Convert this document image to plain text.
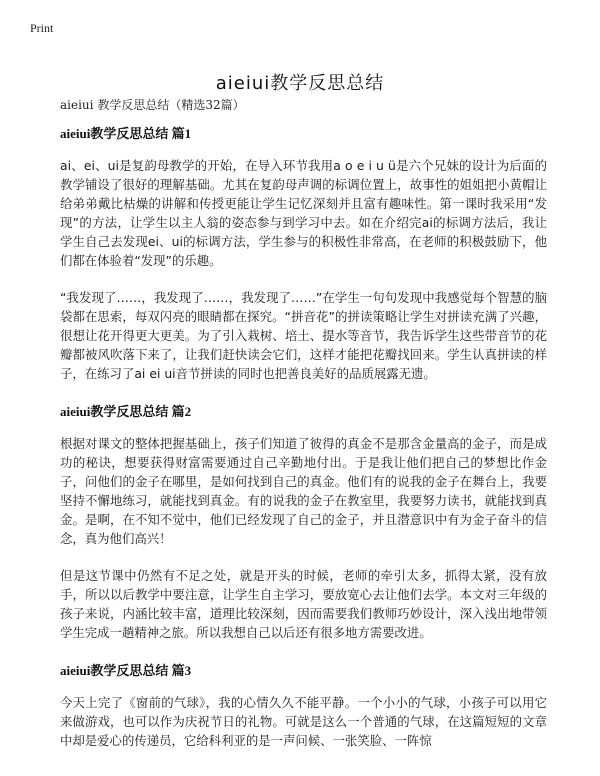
Print
aieiui教学反思总结
aieiui 教学反思总结（精选32篇）
aieiui教学反思总结 篇1

ai、ei、ui是复韵母教学的开始，在导入环节我用a o e i u ü是六个兄妹的设计为后面的教学铺设了很好的理解基础。尤其在复韵母声调的标调位置上，故事性的姐姐把小黄帽让给弟弟戴比枯燥的讲解和传授更能让学生记忆深刻并且富有趣味性。第一课时我采用“发现”的方法，让学生以主人翁的姿态参与到学习中去。如在介绍完ai的标调方法后，我让学生自己去发现ei、ui的标调方法，学生参与的积极性非常高，在老师的积极鼓励下，他们都在体验着“发现”的乐趣。

“我发现了……，我发现了……，我发现了……”在学生一句句发现中我感觉每个智慧的脑袋都在思索，每双闪亮的眼睛都在探究。“拼音花”的拼读策略让学生对拼读充满了兴趣，很想让花开得更大更美。为了引入栽树、培土、提水等音节，我告诉学生这些带音节的花瓣都被风吹落下来了，让我们赶快读会它们，这样才能把花瓣找回来。学生认真拼读的样子，在练习了ai ei ui音节拼读的同时也把善良美好的品质展露无遗。

aieiui教学反思总结 篇2

根据对课文的整体把握基础上，孩子们知道了彼得的真金不是那含金量高的金子，而是成功的秘诀，想要获得财富需要通过自己辛勤地付出。于是我让他们把自己的梦想比作金子，问他们的金子在哪里，是如何找到自己的真金。他们有的说我的金子在舞台上，我要坚持不懈地练习，就能找到真金。有的说我的金子在教室里，我要努力读书，就能找到真金。是啊，在不知不觉中，他们已经发现了自己的金子，并且潜意识中有为金子奋斗的信念，真为他们高兴！

但是这节课中仍然有不足之处，就是开头的时候，老师的牵引太多，抓得太紧，没有放手，所以以后教学中要注意，让学生自主学习，要放宽心去让他们去学。本文对三年级的孩子来说，内涵比较丰富，道理比较深刻，因而需要我们教师巧妙设计，深入浅出地带领学生完成一趟精神之旅。所以我想自己以后还有很多地方需要改进。

aieiui教学反思总结 篇3

今天上完了《窗前的气球》，我的心情久久不能平静。一个小小的气球，小孩子可以用它来做游戏，也可以作为庆祝节日的礼物。可就是这么一个普通的气球，在这篇短短的文章中却是爱心的传递员，它给科利亚的是一声问候、一张笑脸、一阵惊
